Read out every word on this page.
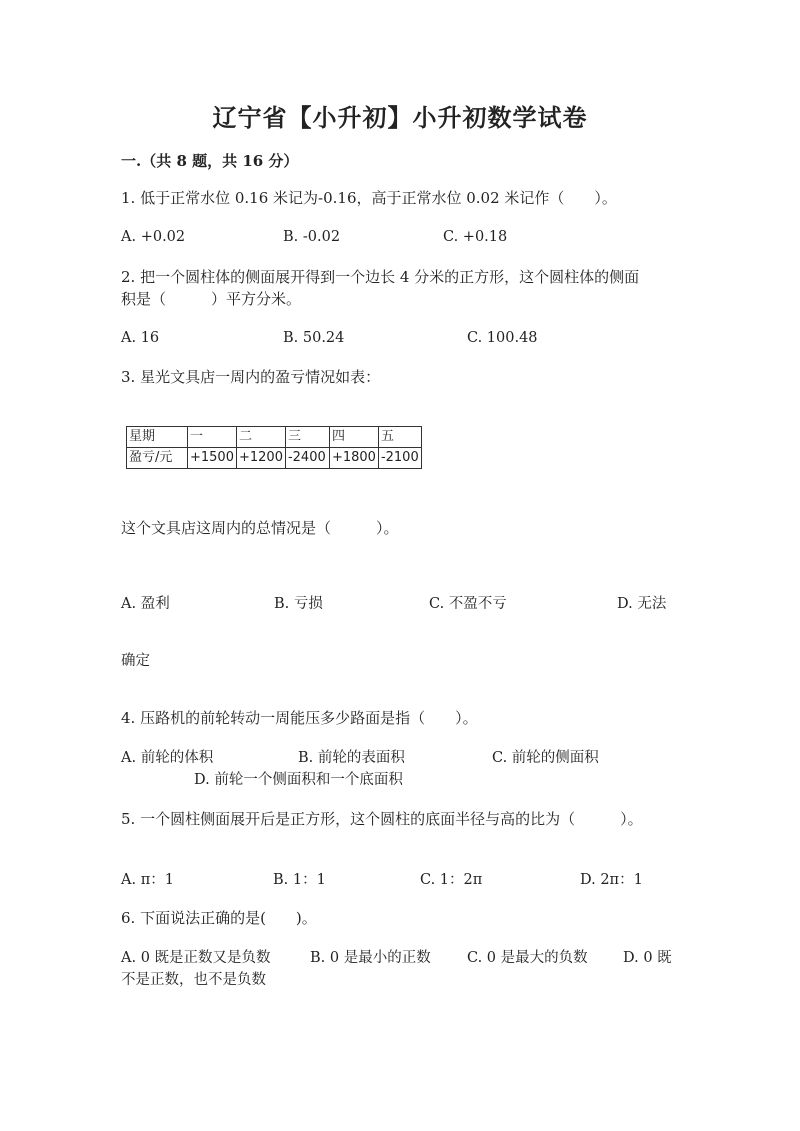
辽宁省【小升初】小升初数学试卷
一.（共 8 题，共 16 分）
1. 低于正常水位 0.16 米记为-0.16，高于正常水位 0.02 米记作（　　）。
A. +0.02	B. -0.02	C. +0.18
2. 把一个圆柱体的侧面展开得到一个边长 4 分米的正方形，这个圆柱体的侧面
积是（　　　）平方分米。
A. 16	B. 50.24	C. 100.48
3. 星光文具店一周内的盈亏情况如表：
星期	一	二	三	四	五
盈亏/元	+1500	+1200	-2400	+1800	-2100
这个文具店这周内的总情况是（　　　）。
A. 盈利	B. 亏损	C. 不盈不亏	D. 无法
确定
4. 压路机的前轮转动一周能压多少路面是指（　　）。
A. 前轮的体积	B. 前轮的表面积	C. 前轮的侧面积
D. 前轮一个侧面积和一个底面积
5. 一个圆柱侧面展开后是正方形，这个圆柱的底面半径与高的比为（　　　）。
A. π：1	B. 1：1	C. 1：2π	D. 2π：1
6. 下面说法正确的是(　　)。
A. 0 既是正数又是负数	B. 0 是最小的正数	C. 0 是最大的负数 D. 0 既
不是正数，也不是负数
